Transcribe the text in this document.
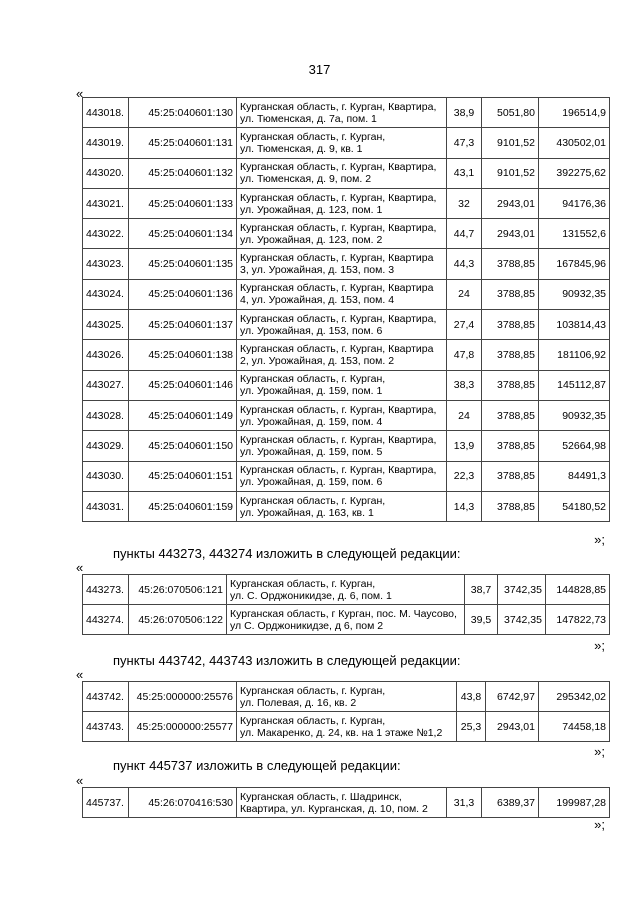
317
«
443018.	45:25:040601:130	Курганская область, г. Курган, Квартира,
ул. Тюменская, д. 7а, пом. 1	38,9	5051,80	196514,9
443019.	45:25:040601:131	Курганская область, г. Курган,
ул. Тюменская, д. 9, кв. 1	47,3	9101,52	430502,01
443020.	45:25:040601:132	Курганская область, г. Курган, Квартира,
ул. Тюменская, д. 9, пом. 2	43,1	9101,52	392275,62
443021.	45:25:040601:133	Курганская область, г. Курган, Квартира,
ул. Урожайная, д. 123, пом. 1	32	2943,01	94176,36
443022.	45:25:040601:134	Курганская область, г. Курган, Квартира,
ул. Урожайная, д. 123, пом. 2	44,7	2943,01	131552,6
443023.	45:25:040601:135	Курганская область, г. Курган, Квартира
3, ул. Урожайная, д. 153, пом. 3	44,3	3788,85	167845,96
443024.	45:25:040601:136	Курганская область, г. Курган, Квартира
4, ул. Урожайная, д. 153, пом. 4	24	3788,85	90932,35
443025.	45:25:040601:137	Курганская область, г. Курган, Квартира,
ул. Урожайная, д. 153, пом. 6	27,4	3788,85	103814,43
443026.	45:25:040601:138	Курганская область, г. Курган, Квартира
2, ул. Урожайная, д. 153, пом. 2	47,8	3788,85	181106,92
443027.	45:25:040601:146	Курганская область, г. Курган,
ул. Урожайная, д. 159, пом. 1	38,3	3788,85	145112,87
443028.	45:25:040601:149	Курганская область, г. Курган, Квартира,
ул. Урожайная, д. 159, пом. 4	24	3788,85	90932,35
443029.	45:25:040601:150	Курганская область, г. Курган, Квартира,
ул. Урожайная, д. 159, пом. 5	13,9	3788,85	52664,98
443030.	45:25:040601:151	Курганская область, г. Курган, Квартира,
ул. Урожайная, д. 159, пом. 6	22,3	3788,85	84491,3
443031.	45:25:040601:159	Курганская область, г. Курган,
ул. Урожайная, д. 163, кв. 1	14,3	3788,85	54180,52
»;
пункты 443273, 443274 изложить в следующей редакции:
«
443273.	45:26:070506:121	Курганская область, г. Курган,
ул. С. Орджоникидзе, д. 6, пом. 1	38,7	3742,35	144828,85
443274.	45:26:070506:122	Курганская область, г Курган, пос. М. Чаусово,
ул С. Орджоникидзе, д 6, пом 2	39,5	3742,35	147822,73
»;
пункты 443742, 443743 изложить в следующей редакции:
«
443742.	45:25:000000:25576	Курганская область, г. Курган,
ул. Полевая, д. 16, кв. 2	43,8	6742,97	295342,02
443743.	45:25:000000:25577	Курганская область, г. Курган,
ул. Макаренко, д. 24, кв. на 1 этаже №1,2	25,3	2943,01	74458,18
»;
пункт 445737 изложить в следующей редакции:
«
445737.	45:26:070416:530	Курганская область, г. Шадринск,
Квартира, ул. Курганская, д. 10, пом. 2	31,3	6389,37	199987,28
»;
